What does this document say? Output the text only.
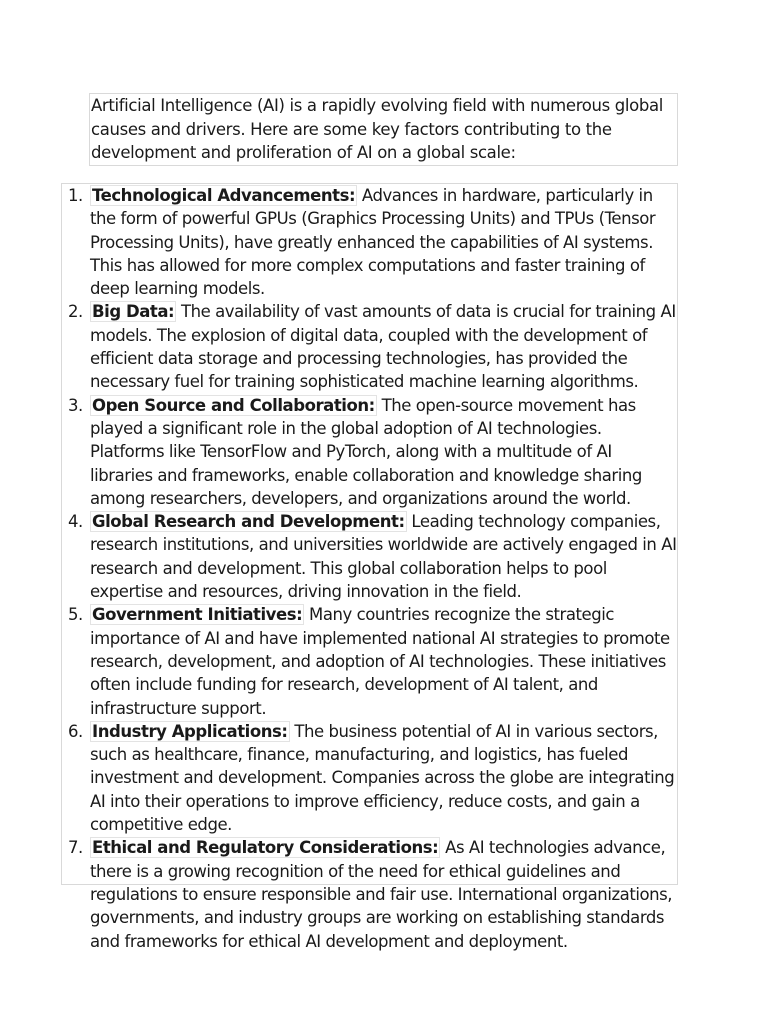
Artificial Intelligence (AI) is a rapidly evolving field with numerous global causes and drivers. Here are some key factors contributing to the development and proliferation of AI on a global scale:
1. Technological Advancements: Advances in hardware, particularly in the form of powerful GPUs (Graphics Processing Units) and TPUs (Tensor Processing Units), have greatly enhanced the capabilities of AI systems. This has allowed for more complex computations and faster training of deep learning models.
2. Big Data: The availability of vast amounts of data is crucial for training AI models. The explosion of digital data, coupled with the development of efficient data storage and processing technologies, has provided the necessary fuel for training sophisticated machine learning algorithms.
3. Open Source and Collaboration: The open-source movement has played a significant role in the global adoption of AI technologies. Platforms like TensorFlow and PyTorch, along with a multitude of AI libraries and frameworks, enable collaboration and knowledge sharing among researchers, developers, and organizations around the world.
4. Global Research and Development: Leading technology companies, research institutions, and universities worldwide are actively engaged in AI research and development. This global collaboration helps to pool expertise and resources, driving innovation in the field.
5. Government Initiatives: Many countries recognize the strategic importance of AI and have implemented national AI strategies to promote research, development, and adoption of AI technologies. These initiatives often include funding for research, development of AI talent, and infrastructure support.
6. Industry Applications: The business potential of AI in various sectors, such as healthcare, finance, manufacturing, and logistics, has fueled investment and development. Companies across the globe are integrating AI into their operations to improve efficiency, reduce costs, and gain a competitive edge.
7. Ethical and Regulatory Considerations: As AI technologies advance, there is a growing recognition of the need for ethical guidelines and regulations to ensure responsible and fair use. International organizations, governments, and industry groups are working on establishing standards and frameworks for ethical AI development and deployment.
